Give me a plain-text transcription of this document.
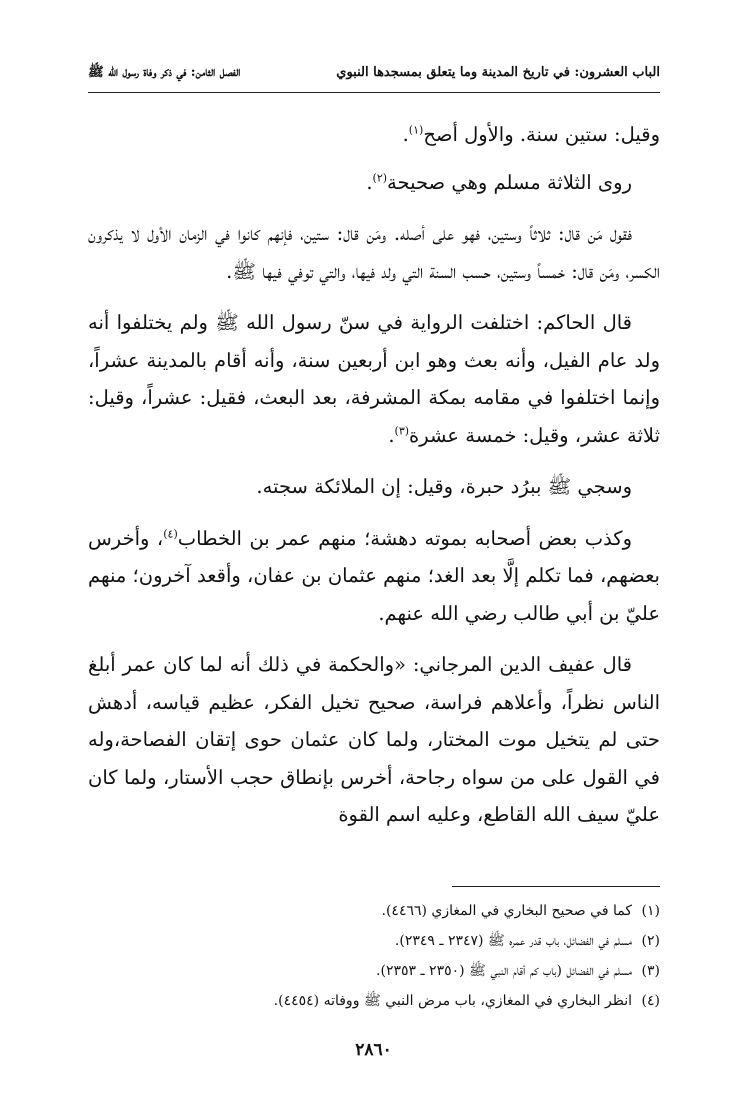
الباب العشرون: في تاريخ المدينة وما يتعلق بمسجدها النبوي
الفصل الثامن: في ذكر وفاة رسول الله ﷺ

وقيل: ستين سنة. والأول أصح$^{(١)}$.

روى الثلاثة مسلم وهي صحيحة$^{(٢)}$.

فقول مَن قال: ثلاثاً وستين، فهو على أصله. ومَن قال: ستين، فإنهم كانوا في الزمان الأول لا يذكرون الكسر، ومَن قال: خمساً وستين، حسب السنة التي ولد فيها، والتي توفي فيها ﷺ.

قال الحاكم: اختلفت الرواية في سنّ رسول الله ﷺ ولم يختلفوا أنه ولد عام الفيل، وأنه بعث وهو ابن أربعين سنة، وأنه أقام بالمدينة عشراً، وإنما اختلفوا في مقامه بمكة المشرفة، بعد البعث، فقيل: عشراً، وقيل: ثلاثة عشر، وقيل: خمسة عشرة$^{(٣)}$.

وسجي ﷺ ببرُد حبرة، وقيل: إن الملائكة سجته.

وكذب بعض أصحابه بموته دهشة؛ منهم عمر بن الخطاب$^{(٤)}$، وأخرس بعضهم، فما تكلم إلَّا بعد الغد؛ منهم عثمان بن عفان، وأقعد آخرون؛ منهم عليّ بن أبي طالب رضي الله عنهم.

قال عفيف الدين المرجاني: «والحكمة في ذلك أنه لما كان عمر أبلغ الناس نظراً، وأعلاهم فراسة، صحيح تخيل الفكر، عظيم قياسه، أدهش حتى لم يتخيل موت المختار، ولما كان عثمان حوى إتقان الفصاحة،وله في القول على من سواه رجاحة، أخرس بإنطاق حجب الأستار، ولما كان عليّ سيف الله القاطع، وعليه اسم القوة

(١)كما في صحيح البخاري في المغازي (٤٤٦٦).
(٢)مسلم في الفضائل، باب قدر عمره ﷺ (٢٣٤٧ ـ ٢٣٤٩).
(٣)مسلم في الفضائل (باب كم أقام النبي ﷺ (٢٣٥٠ ـ ٢٣٥٣).
(٤)انظر البخاري في المغازي، باب مرض النبي ﷺ ووفاته (٤٤٥٤).
٢٨٦٠
